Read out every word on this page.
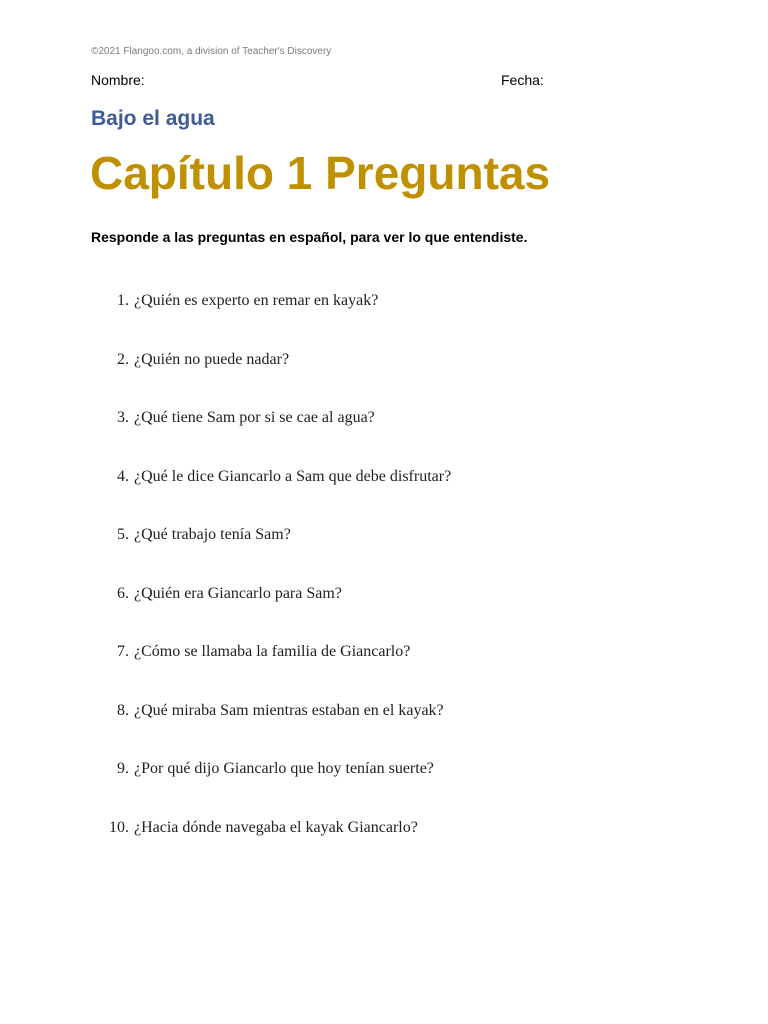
©2021 Flangoo.com, a division of Teacher's Discovery
Nombre:	Fecha:
Bajo el agua
Capítulo 1 Preguntas
Responde a las preguntas en español, para ver lo que entendiste.
1. ¿Quién es experto en remar en kayak?
2. ¿Quién no puede nadar?
3. ¿Qué tiene Sam por si se cae al agua?
4. ¿Qué le dice Giancarlo a Sam que debe disfrutar?
5. ¿Qué trabajo tenía Sam?
6. ¿Quién era Giancarlo para Sam?
7. ¿Cómo se llamaba la familia de Giancarlo?
8. ¿Qué miraba Sam mientras estaban en el kayak?
9. ¿Por qué dijo Giancarlo que hoy tenían suerte?
10. ¿Hacia dónde navegaba el kayak Giancarlo?
